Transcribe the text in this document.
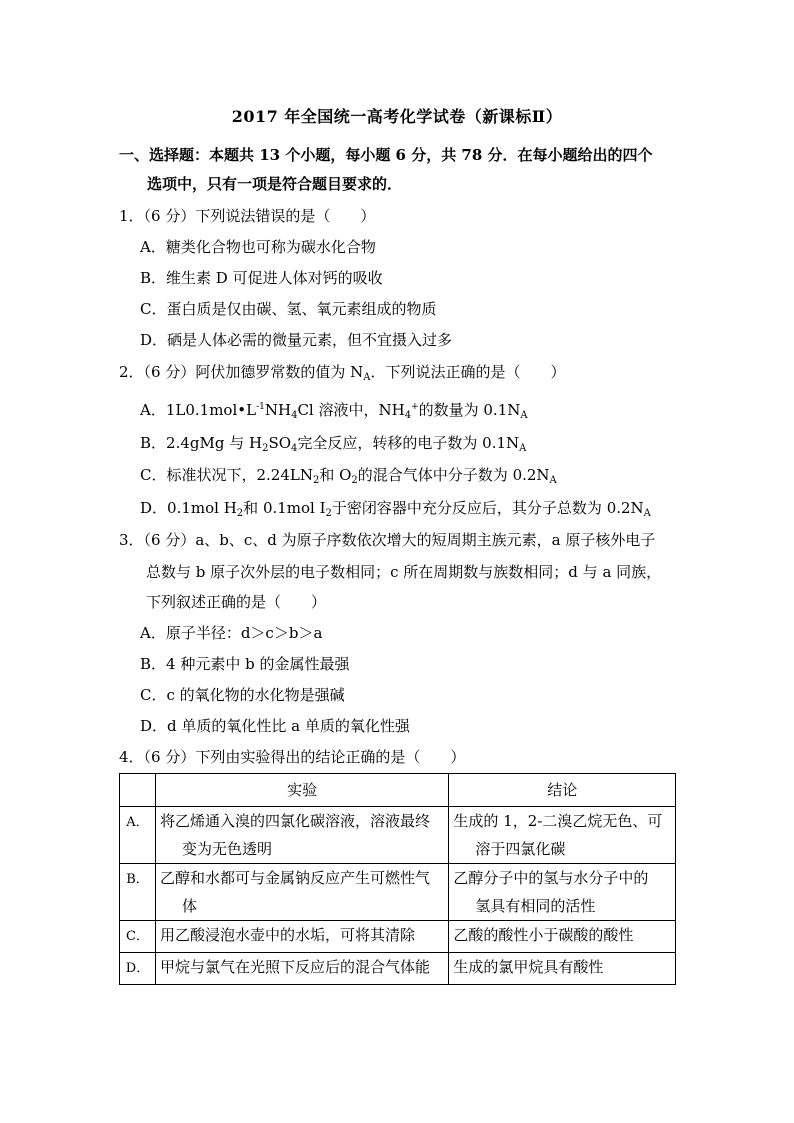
2017 年全国统一高考化学试卷（新课标Ⅱ）
一、选择题：本题共 13 个小题，每小题 6 分，共 78 分．在每小题给出的四个
选项中，只有一项是符合题目要求的．
1．（6 分）下列说法错误的是（　　）
A．糖类化合物也可称为碳水化合物
B．维生素 D 可促进人体对钙的吸收
C．蛋白质是仅由碳、氢、氧元素组成的物质
D．硒是人体必需的微量元素，但不宜摄入过多
2．（6 分）阿伏加德罗常数的值为 $N_A$．下列说法正确的是（　　）
A．$1L0.1mol•L^{-1}NH_4Cl$ 溶液中，$NH_4^+$的数量为 $0.1N_A$
B．2.4gMg 与 $H_2SO_4$完全反应，转移的电子数为 $0.1N_A$
C．标准状况下，$2.24LN_2$和 $O_2$的混合气体中分子数为 $0.2N_A$
D．0.1mol $H_2$和 0.1mol $I_2$于密闭容器中充分反应后，其分子总数为 $0.2N_A$
3．（6 分）a、b、c、d 为原子序数依次增大的短周期主族元素，a 原子核外电子
总数与 b 原子次外层的电子数相同；c 所在周期数与族数相同；d 与 a 同族，
下列叙述正确的是（　　）
A．原子半径：d＞c＞b＞a
B．4 种元素中 b 的金属性最强
C．c 的氧化物的水化物是强碱
D．d 单质的氧化性比 a 单质的氧化性强
4．（6 分）下列由实验得出的结论正确的是（　　）
	实验	结论
A．	将乙烯通入溴的四氯化碳溶液，溶液最终
变为无色透明	生成的 1，2-二溴乙烷无色、可
溶于四氯化碳

B．	乙醇和水都可与金属钠反应产生可燃性气
体	乙醇分子中的氢与水分子中的
氢具有相同的活性

C．	用乙酸浸泡水壶中的水垢，可将其清除	乙酸的酸性小于碳酸的酸性
D．	甲烷与氯气在光照下反应后的混合气体能	生成的氯甲烷具有酸性
